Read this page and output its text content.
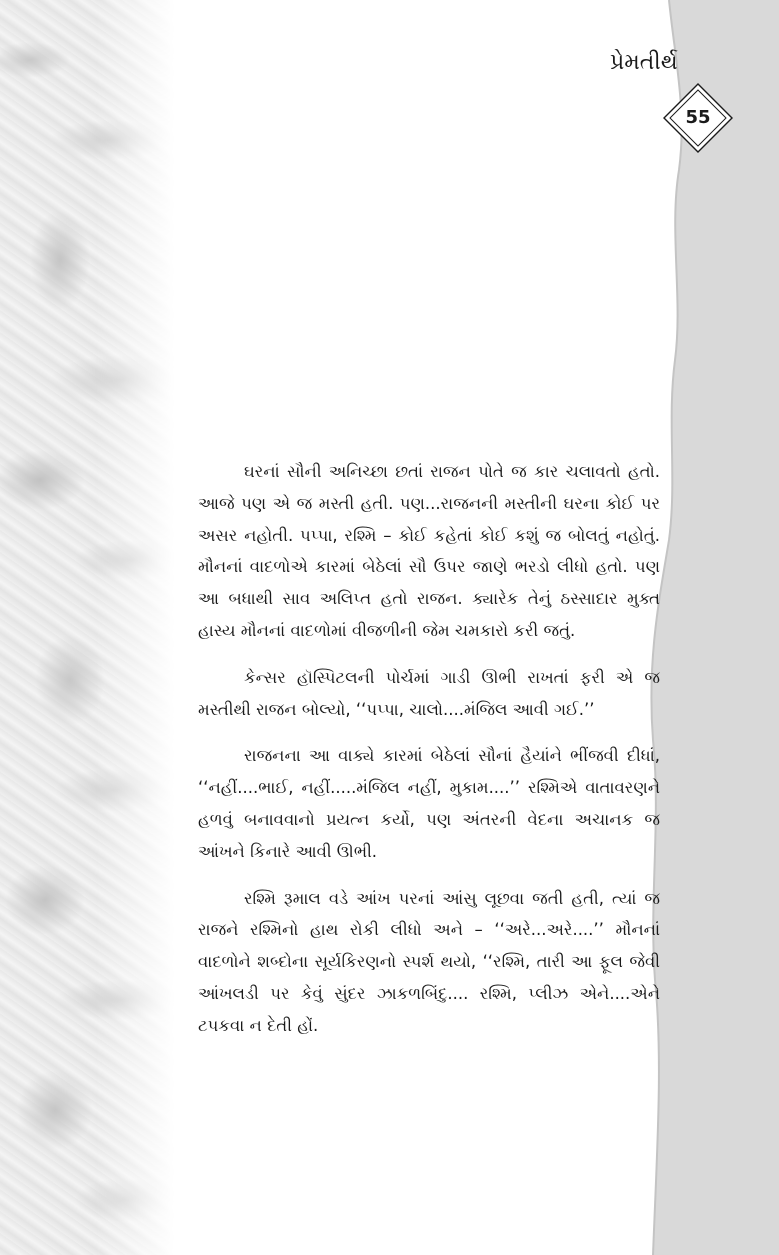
પ્રેમતીર્થ
55

ઘરનાં સૌની અનિચ્છા છતાં રાજન પોતે જ કાર ચલાવતો હતો. આજે પણ એ જ મસ્તી હતી. પણ...રાજનની મસ્તીની ઘરના કોઈ પર અસર નહોતી. પપ્પા, રશ્મિ – કોઈ કહેતાં કોઈ કશું જ બોલતું નહોતું. મૌનનાં વાદળોએ કારમાં બેઠેલાં સૌ ઉપર જાણે ભરડો લીધો હતો. પણ આ બધાથી સાવ અલિપ્ત હતો રાજન. ક્યારેક તેનું ઠસ્સાદાર મુક્ત હાસ્ય મૌનનાં વાદળોમાં વીજળીની જેમ ચમકારો કરી જતું.

કેન્સર હૉસ્પિટલની પોર્ચમાં ગાડી ઊભી રાખતાં ફરી એ જ મસ્તીથી રાજન બોલ્યો, ‘‘પપ્પા, ચાલો....મંજિલ આવી ગઈ.’’

રાજનના આ વાક્યે કારમાં બેઠેલાં સૌનાં હૈયાંને ભીંજવી દીધાં, ‘‘નહીં....ભાઈ, નહીં.....મંજિલ નહીં, મુકામ....’’ રશ્મિએ વાતાવરણને હળવું બનાવવાનો પ્રયત્ન કર્યો, પણ અંતરની વેદના અચાનક જ આંખને કિનારે આવી ઊભી.

રશ્મિ રૂમાલ વડે આંખ પરનાં આંસુ લૂછવા જતી હતી, ત્યાં જ રાજને રશ્મિનો હાથ રોકી લીધો અને – ‘‘અરે...અરે....’’ મૌનનાં વાદળોને શબ્દોના સૂર્યકિરણનો સ્પર્શ થયો, ‘‘રશ્મિ, તારી આ ફૂલ જેવી આંખલડી પર કેવું સુંદર ઝાકળબિંદુ.... રશ્મિ, પ્લીઝ એને....એને ટપકવા ન દેતી હોં.
